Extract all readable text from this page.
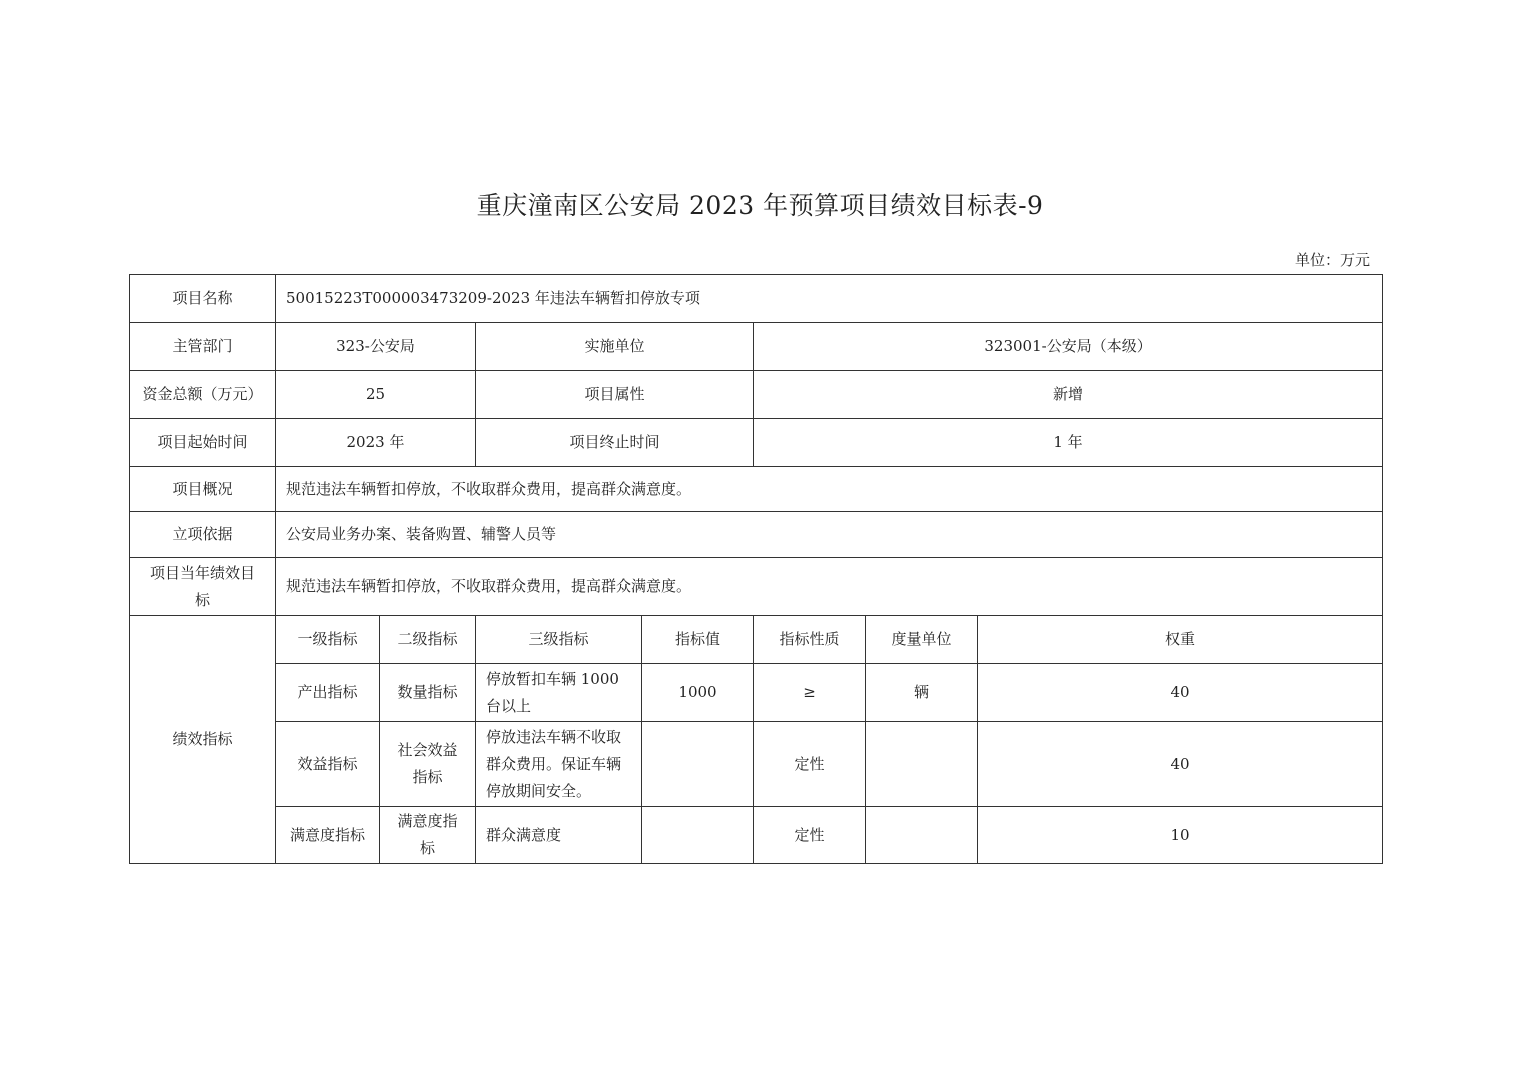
重庆潼南区公安局 2023 年预算项目绩效目标表-9
单位：万元
项目名称	50015223T000003473209-2023 年违法车辆暂扣停放专项						
主管部门	323-公安局		实施单位		323001-公安局（本级）		
资金总额（万元）	25		项目属性		新增		
项目起始时间	2023 年		项目终止时间		1 年		
项目概况	规范违法车辆暂扣停放，不收取群众费用，提高群众满意度。						
立项依据	公安局业务办案、装备购置、辅警人员等						
项目当年绩效目标	规范违法车辆暂扣停放，不收取群众费用，提高群众满意度。						
绩效指标	一级指标	二级指标	三级指标	指标值	指标性质	度量单位	权重
	产出指标	数量指标	停放暂扣车辆 1000 台以上	1000	≥	辆	40
	效益指标	社会效益指标	停放违法车辆不收取群众费用。保证车辆停放期间安全。		定性		40
	满意度指标	满意度指标	群众满意度		定性		10
